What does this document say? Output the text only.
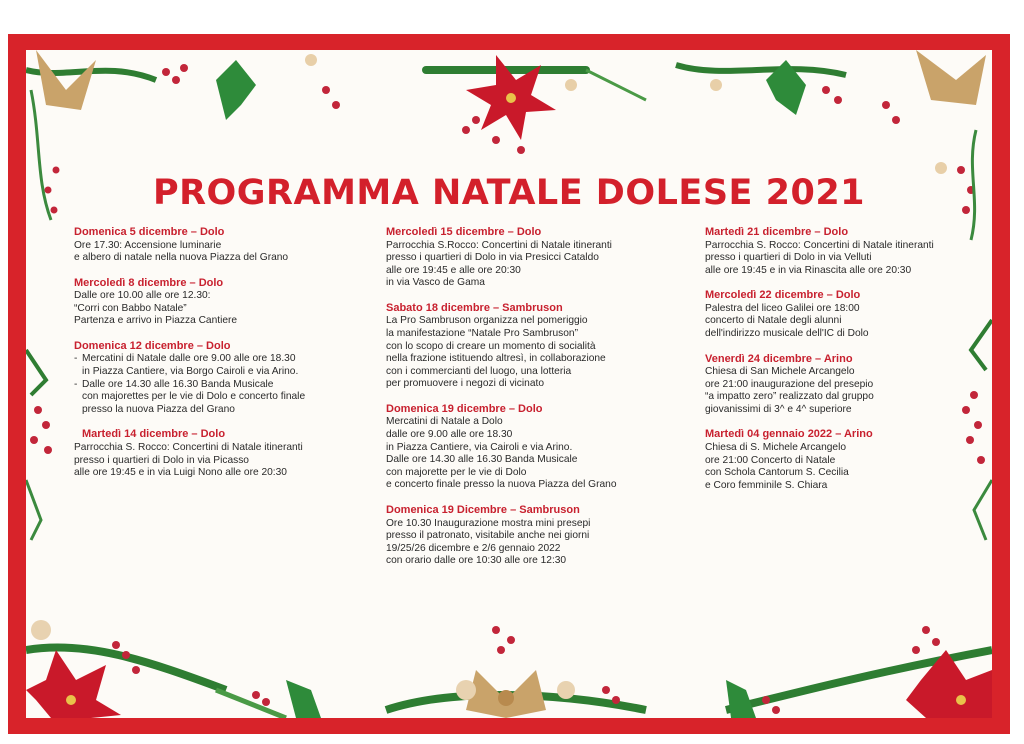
PROGRAMMA NATALE DOLESE 2021
Domenica 5 dicembre – Dolo
Ore 17.30: Accensione luminarie
e albero di natale nella nuova Piazza del Grano
Mercoledì 8 dicembre – Dolo
Dalle ore 10.00 alle ore 12.30:
“Corri con Babbo Natale”
Partenza e arrivo in Piazza Cantiere
Domenica 12 dicembre – Dolo
- Mercatini di Natale dalle ore 9.00 alle ore 18.30
in Piazza Cantiere, via Borgo Cairoli e via Arino.
- Dalle ore 14.30 alle 16.30 Banda Musicale
con majorettes per le vie di Dolo e concerto finale
presso la nuova Piazza del Grano
Martedì 14 dicembre – Dolo
Parrocchia S. Rocco: Concertini di Natale itineranti
presso i quartieri di Dolo in via Picasso
alle ore 19:45 e in via Luigi Nono alle ore 20:30
Mercoledì 15 dicembre – Dolo
Parrocchia S.Rocco: Concertini di Natale itineranti
presso i quartieri di Dolo in via Presicci Cataldo
alle ore 19:45 e alle ore 20:30
in via Vasco de Gama
Sabato 18 dicembre – Sambruson
La Pro Sambruson organizza nel pomeriggio
la manifestazione “Natale Pro Sambruson”
con lo scopo di creare un momento di socialità
nella frazione istituendo altresì, in collaborazione
con i commercianti del luogo, una lotteria
per promuovere i negozi di vicinato
Domenica 19 dicembre – Dolo
Mercatini di Natale a Dolo
dalle ore 9.00 alle ore 18.30
in Piazza Cantiere, via Cairoli e via Arino.
Dalle ore 14.30 alle 16.30 Banda Musicale
con majorette per le vie di Dolo
e concerto finale presso la nuova Piazza del Grano
Domenica 19 Dicembre – Sambruson
Ore 10.30 Inaugurazione mostra mini presepi
presso il patronato, visitabile anche nei giorni
19/25/26 dicembre e 2/6 gennaio 2022
con orario dalle ore 10:30 alle ore 12:30
Martedì 21 dicembre – Dolo
Parrocchia S. Rocco: Concertini di Natale itineranti
presso i quartieri di Dolo in via Velluti
alle ore 19:45 e in via Rinascita alle ore 20:30
Mercoledì 22 dicembre – Dolo
Palestra del liceo Galilei ore 18:00
concerto di Natale degli alunni
dell'indirizzo musicale dell'IC di Dolo
Venerdì 24 dicembre – Arino
Chiesa di San Michele Arcangelo
ore 21:00 inaugurazione del presepio
“a impatto zero” realizzato dal gruppo
giovanissimi di 3^ e 4^ superiore
Martedì 04 gennaio 2022 – Arino
Chiesa di S. Michele Arcangelo
ore 21:00 Concerto di Natale
con Schola Cantorum S. Cecilia
e Coro femminile S. Chiara
